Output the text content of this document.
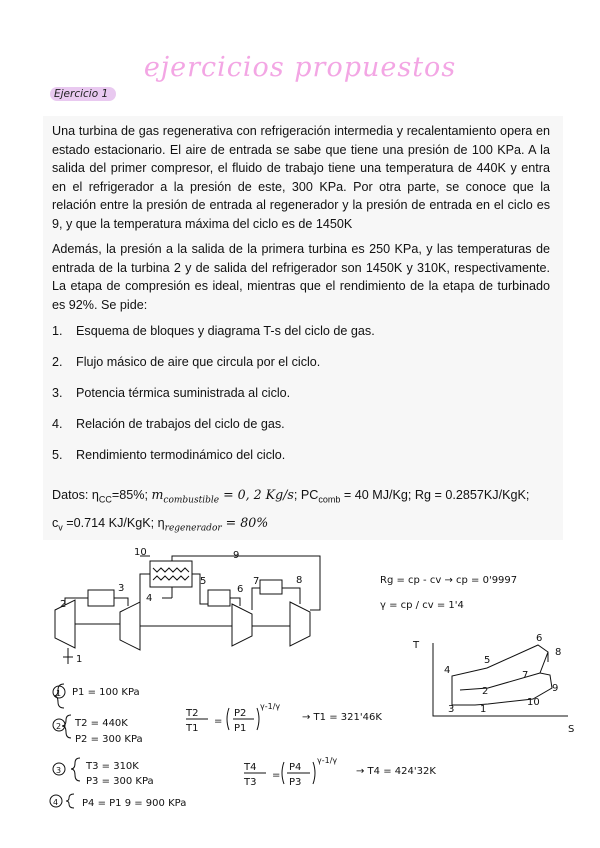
ejercicios propuestos
Ejercicio 1

Una turbina de gas regenerativa con refrigeración intermedia y recalentamiento opera en estado estacionario. El aire de entrada se sabe que tiene una presión de 100 KPa. A la salida del primer compresor, el fluido de trabajo tiene una temperatura de 440K y entra en el refrigerador a la presión de este, 300 KPa. Por otra parte, se conoce que la relación entre la presión de entrada al regenerador y la presión de entrada en el ciclo es 9, y que la temperatura máxima del ciclo es de 1450K

Además, la presión a la salida de la primera turbina es 250 KPa, y las temperaturas de entrada de la turbina 2 y de salida del refrigerador son 1450K y 310K, respectivamente. La etapa de compresión es ideal, mientras que el rendimiento de la etapa de turbinado es 92%. Se pide:

1. Esquema de bloques y diagrama T-s del ciclo de gas.
2. Flujo másico de aire que circula por el ciclo.
3. Potencia térmica suministrada al ciclo.
4. Relación de trabajos del ciclo de gas.
5. Rendimiento termodinámico del ciclo.

Datos: $\eta_{CC}=85\%$; $m_{combustible} = 0$, 2 Kg/s; $PC_{comb} = 40$ MJ/Kg; Rg = 0.2857KJ/KgK;
$c_v =0.714$ KJ/KgK; $\eta_{regenerador} = 80\%$

10	9
2
3
4
5
6
7	8
1
Rg = cp - cv → cp = 0'9997
γ = cp / cv = 1'4
T
S
3
4
5
6
8
7
9
10
2
1
1
2
3
4
P1 = 100 KPa
T2 = 440K
P2 = 300 KPa
T2
T1
=
P2
P1
γ-1/γ
→ T1 = 321'46K
T3 = 310K
P3 = 300 KPa
T4
T3
=
P4
P3
γ-1/γ
→ T4 = 424'32K
P4 = P1 9 = 900 KPa
